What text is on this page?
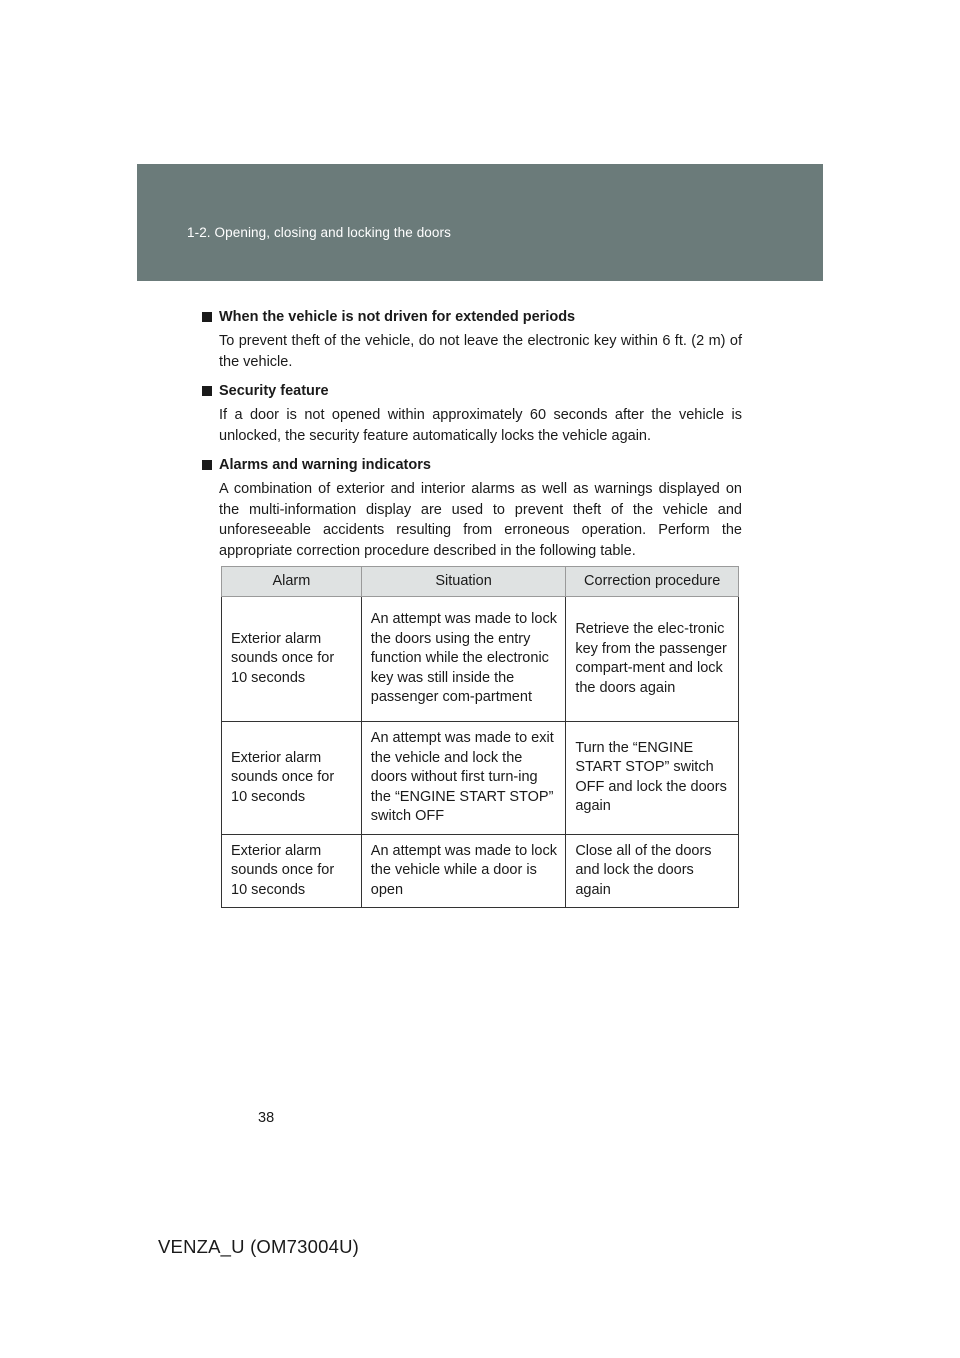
1-2. Opening, closing and locking the doors
When the vehicle is not driven for extended periods
To prevent theft of the vehicle, do not leave the electronic key within 6 ft. (2 m) of the vehicle.
Security feature
If a door is not opened within approximately 60 seconds after the vehicle is unlocked, the security feature automatically locks the vehicle again.
Alarms and warning indicators
A combination of exterior and interior alarms as well as warnings displayed on the multi-information display are used to prevent theft of the vehicle and unforeseeable accidents resulting from erroneous operation. Perform the appropriate correction procedure described in the following table.
Alarm	Situation	Correction procedure
Exterior alarm sounds once for 10 seconds	An attempt was made to lock the doors using the entry function while the electronic key was still inside the passenger com-partment	Retrieve the elec-tronic key from the passenger compart-ment and lock the doors again
Exterior alarm sounds once for 10 seconds	An attempt was made to exit the vehicle and lock the doors without first turn-ing the “ENGINE START STOP” switch OFF	Turn the “ENGINE START STOP” switch OFF and lock the doors again
Exterior alarm sounds once for 10 seconds	An attempt was made to lock the vehicle while a door is open	Close all of the doors and lock the doors again
38
VENZA_U (OM73004U)
